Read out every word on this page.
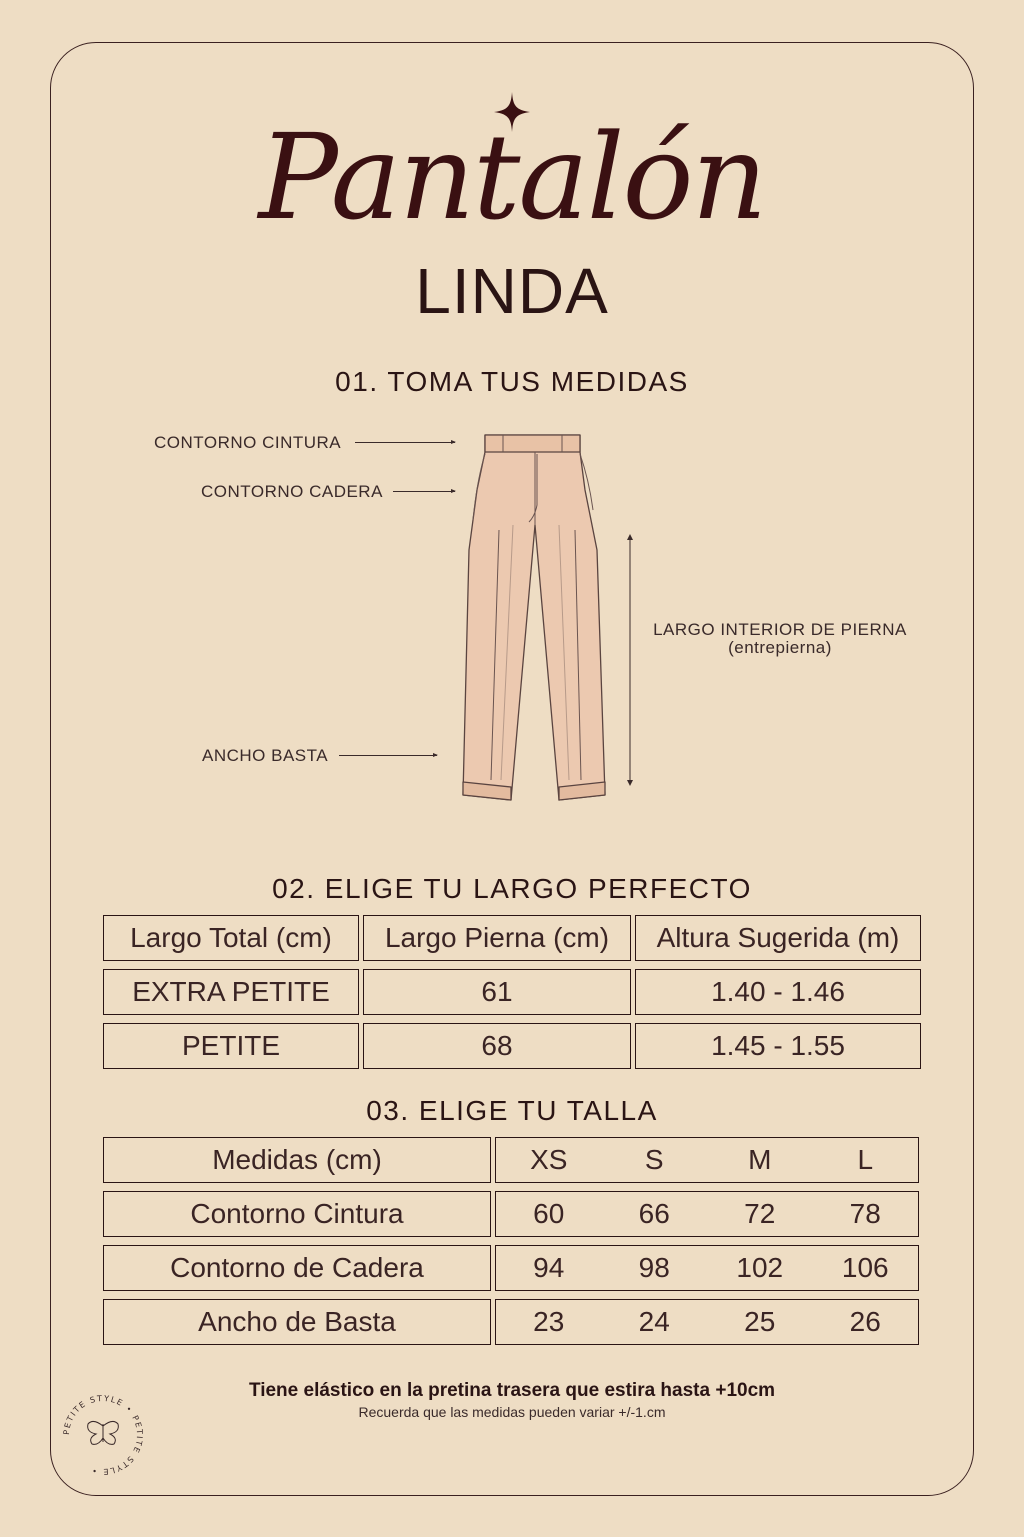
Pantalón
LINDA
01. TOMA TUS MEDIDAS
CONTORNO CINTURA
CONTORNO CADERA
ANCHO BASTA
LARGO INTERIOR DE PIERNA
(entrepierna)
02. ELIGE TU LARGO PERFECTO
Largo Total (cm)	Largo Pierna (cm)	Altura Sugerida (m)
EXTRA PETITE	61	1.40 - 1.46
PETITE	68	1.45 - 1.55
03. ELIGE TU TALLA
Medidas (cm)	XS S M L

Contorno Cintura	60 66 72 78

Contorno de Cadera	94 98 102 106

Ancho de Basta	23 24 25 26
Tiene elástico en la pretina trasera que estira hasta +10cm
Recuerda que las medidas pueden variar +/-1.cm
PETITE STYLE • PETITE STYLE •
